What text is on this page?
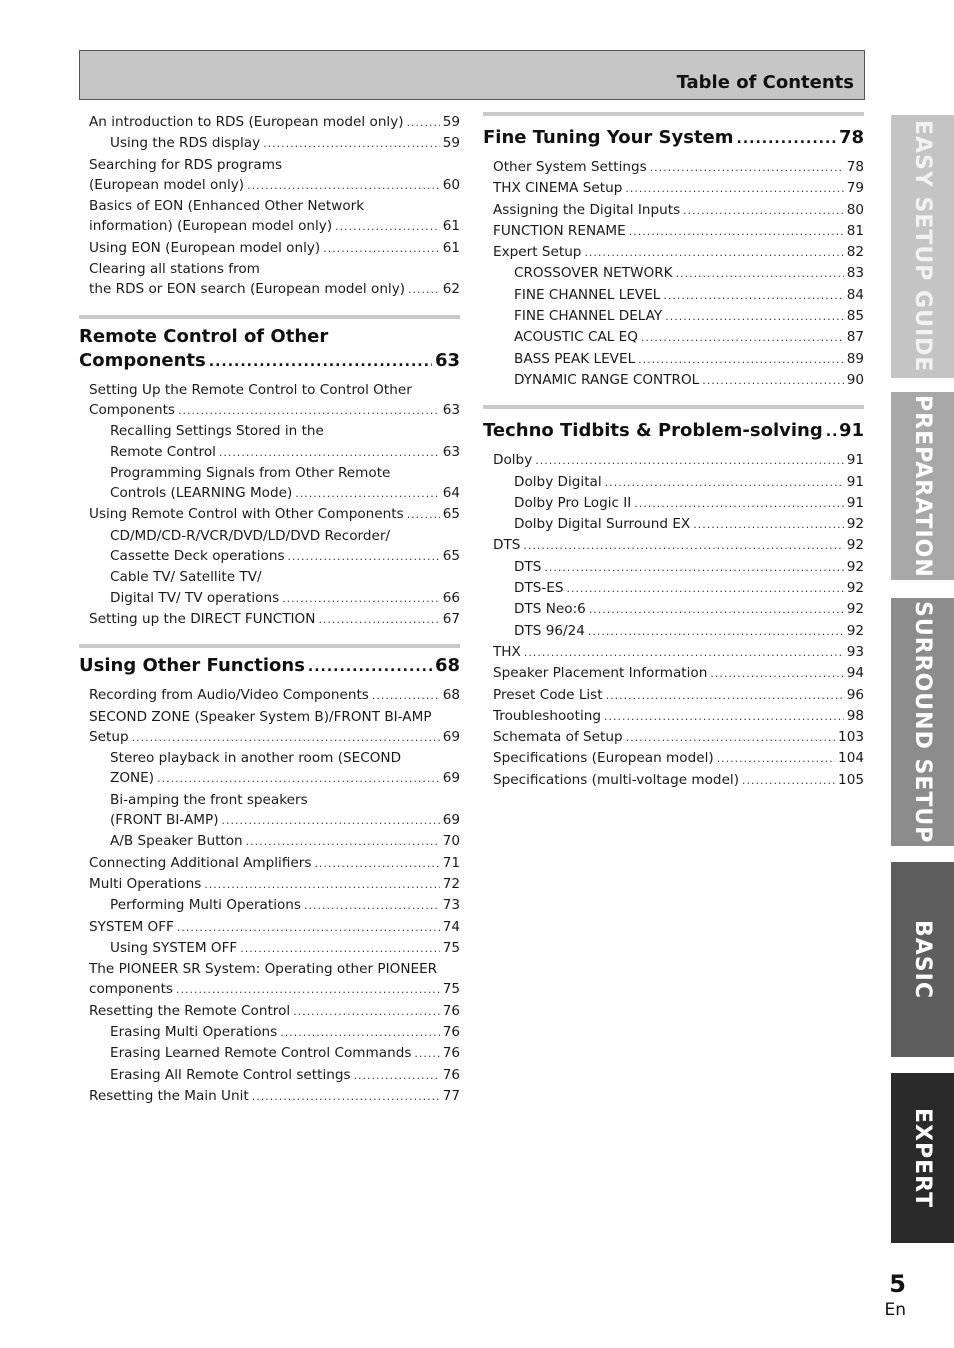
Table of Contents
An introduction to RDS (European model only) .....	59
Using the RDS display .....	59
Searching for RDS programs
(European model only) .....	60
Basics of EON (Enhanced Other Network
information) (European model only) .....	61
Using EON (European model only) .....	61
Clearing all stations from
the RDS or EON search (European model only) .....	62
Remote Control of Other
Components .....	63
Setting Up the Remote Control to Control Other
Components .....	63
Recalling Settings Stored in the
Remote Control .....	63
Programming Signals from Other Remote
Controls (LEARNING Mode) .....	64
Using Remote Control with Other Components .....	65
CD/MD/CD-R/VCR/DVD/LD/DVD Recorder/
Cassette Deck operations .....	65
Cable TV/ Satellite TV/
Digital TV/ TV operations .....	66
Setting up the DIRECT FUNCTION .....	67
Using Other Functions .....	68
Recording from Audio/Video Components .....	68
SECOND ZONE (Speaker System B)/FRONT BI-AMP
Setup .....	69
Stereo playback in another room (SECOND
ZONE) .....	69
Bi-amping the front speakers
(FRONT BI-AMP) .....	69
A/B Speaker Button .....	70
Connecting Additional Amplifiers .....	71
Multi Operations .....	72
Performing Multi Operations .....	73
SYSTEM OFF .....	74
Using SYSTEM OFF .....	75
The PIONEER SR System: Operating other PIONEER
components .....	75
Resetting the Remote Control .....	76
Erasing Multi Operations .....	76
Erasing Learned Remote Control Commands ..... 76
Erasing All Remote Control settings .....	76
Resetting the Main Unit .....	77
Fine Tuning Your System .....	78
Other System Settings .....	78
THX CINEMA Setup .....	79
Assigning the Digital Inputs .....	80
FUNCTION RENAME .....	81
Expert Setup .....	82
CROSSOVER NETWORK .....	83
FINE CHANNEL LEVEL .....	84
FINE CHANNEL DELAY .....	85
ACOUSTIC CAL EQ .....	87
BASS PEAK LEVEL .....	89
DYNAMIC RANGE CONTROL .....	90
Techno Tidbits & Problem-solving ..... 91
Dolby .....	91
Dolby Digital .....	91
Dolby Pro Logic II .....	91
Dolby Digital Surround EX .....	92
DTS .....	92
DTS .....	92
DTS-ES .....	92
DTS Neo:6 .....	92
DTS 96/24 .....	92
THX .....	93
Speaker Placement Information .....	94
Preset Code List .....	96
Troubleshooting .....	98
Schemata of Setup .....	103
Specifications (European model) .....	104
Specifications (multi-voltage model) .....	105
EASY SETUP GUIDE
PREPARATION
SURROUND SETUP
BASIC
EXPERT
5
En
